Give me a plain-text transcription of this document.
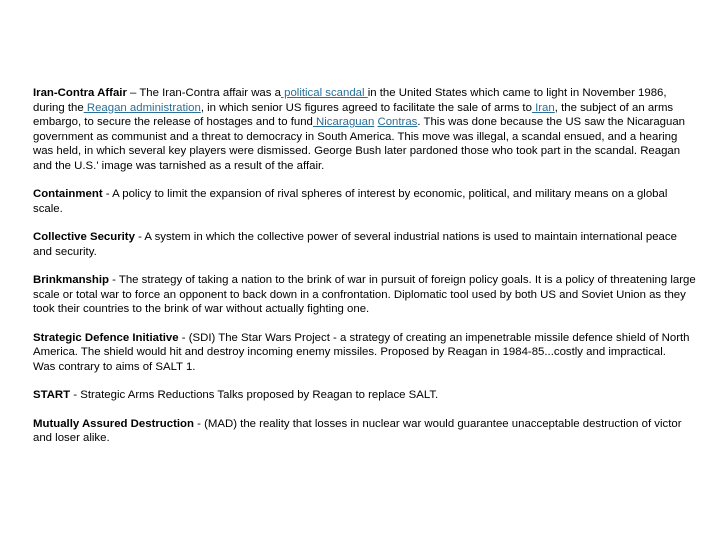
Iran-Contra Affair – The Iran-Contra affair was a political scandal in the United States which came to light in November 1986, during the Reagan administration, in which senior US figures agreed to facilitate the sale of arms to Iran, the subject of an arms embargo, to secure the release of hostages and to fund Nicaraguan Contras. This was done because the US saw the Nicaraguan government as communist and a threat to democracy in South America. This move was illegal, a scandal ensued, and a hearing was held, in which several key players were dismissed. George Bush later pardoned those who took part in the scandal. Reagan and the U.S.' image was tarnished as a result of the affair.

Containment - A policy to limit the expansion of rival spheres of interest by economic, political, and military means on a global scale.

Collective Security - A system in which the collective power of several industrial nations is used to maintain international peace and security.

Brinkmanship - The strategy of taking a nation to the brink of war in pursuit of foreign policy goals. It is a policy of threatening large scale or total war to force an opponent to back down in a confrontation. Diplomatic tool used by both US and Soviet Union as they took their countries to the brink of war without actually fighting one.

Strategic Defence Initiative - (SDI) The Star Wars Project - a strategy of creating an impenetrable missile defence shield of North America. The shield would hit and destroy incoming enemy missiles. Proposed by Reagan in 1984-85...costly and impractical.
Was contrary to aims of SALT 1.

START - Strategic Arms Reductions Talks proposed by Reagan to replace SALT.

Mutually Assured Destruction - (MAD) the reality that losses in nuclear war would guarantee unacceptable destruction of victor and loser alike.
